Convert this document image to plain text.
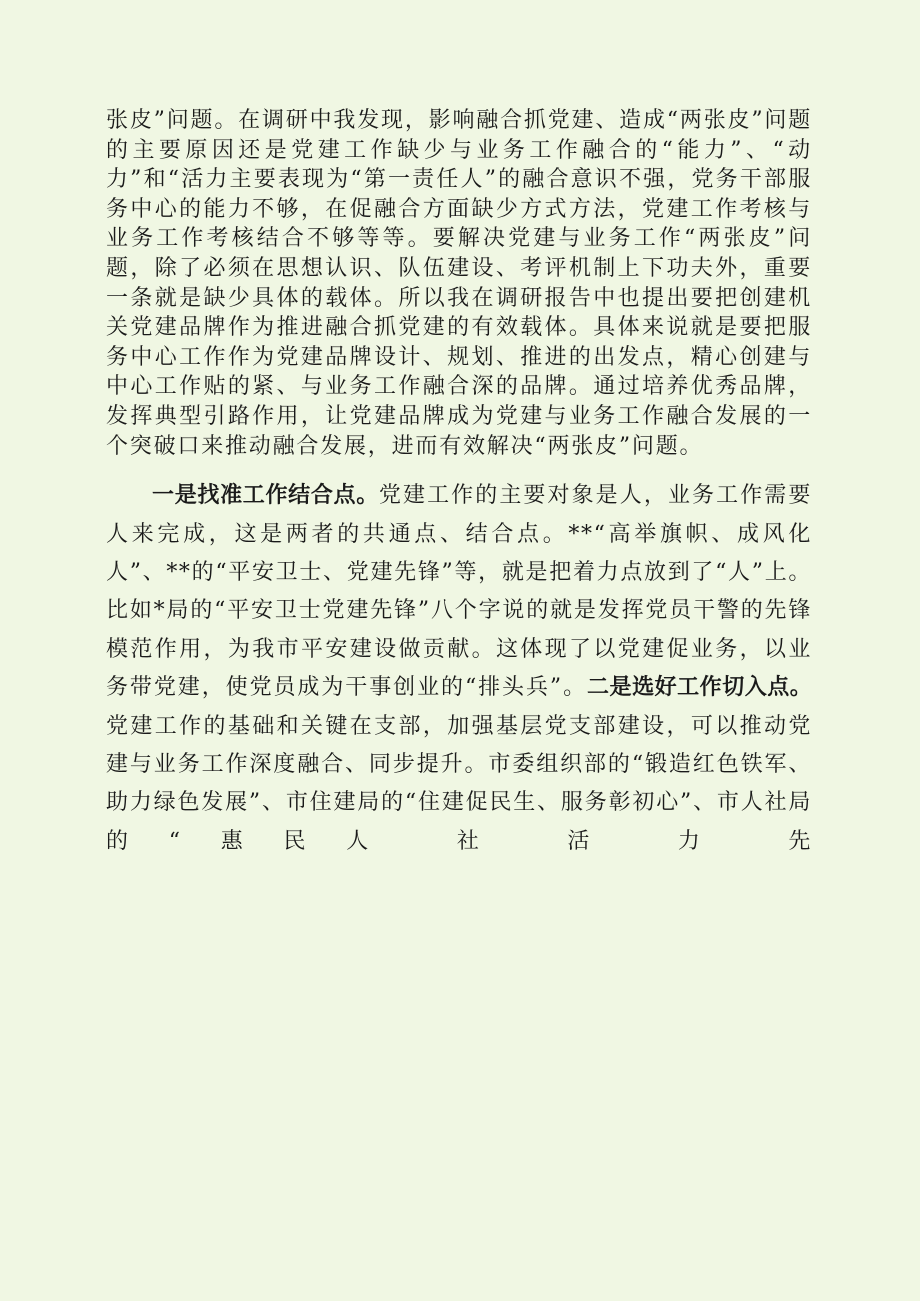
张皮”问题。在调研中我发现，影响融合抓党建、造成“两张皮”问题的主要原因还是党建工作缺少与业务工作融合的“能力”、“动力”和“活力主要表现为“第一责任人”的融合意识不强，党务干部服务中心的能力不够，在促融合方面缺少方式方法，党建工作考核与业务工作考核结合不够等等。要解决党建与业务工作“两张皮”问题，除了必须在思想认识、队伍建设、考评机制上下功夫外，重要一条就是缺少具体的载体。所以我在调研报告中也提出要把创建机关党建品牌作为推进融合抓党建的有效载体。具体来说就是要把服务中心工作作为党建品牌设计、规划、推进的出发点，精心创建与中心工作贴的紧、与业务工作融合深的品牌。通过培养优秀品牌，发挥典型引路作用，让党建品牌成为党建与业务工作融合发展的一个突破口来推动融合发展，进而有效解决“两张皮”问题。

一是找准工作结合点。党建工作的主要对象是人，业务工作需要人来完成，这是两者的共通点、结合点。**“高举旗帜、成风化人”、**的“平安卫士、党建先锋”等，就是把着力点放到了“人”上。比如*局的“平安卫士党建先锋”八个字说的就是发挥党员干警的先锋模范作用，为我市平安建设做贡献。这体现了以党建促业务，以业务带党建，使党员成为干事创业的“排头兵”。二是选好工作切入点。党建工作的基础和关键在支部，加强基层党支部建设，可以推动党建与业务工作深度融合、同步提升。市委组织部的“锻造红色铁军、助力绿色发展”、市住建局的“住建促民生、服务彰初心”、市人社局的“惠民人 社 活 力 先
